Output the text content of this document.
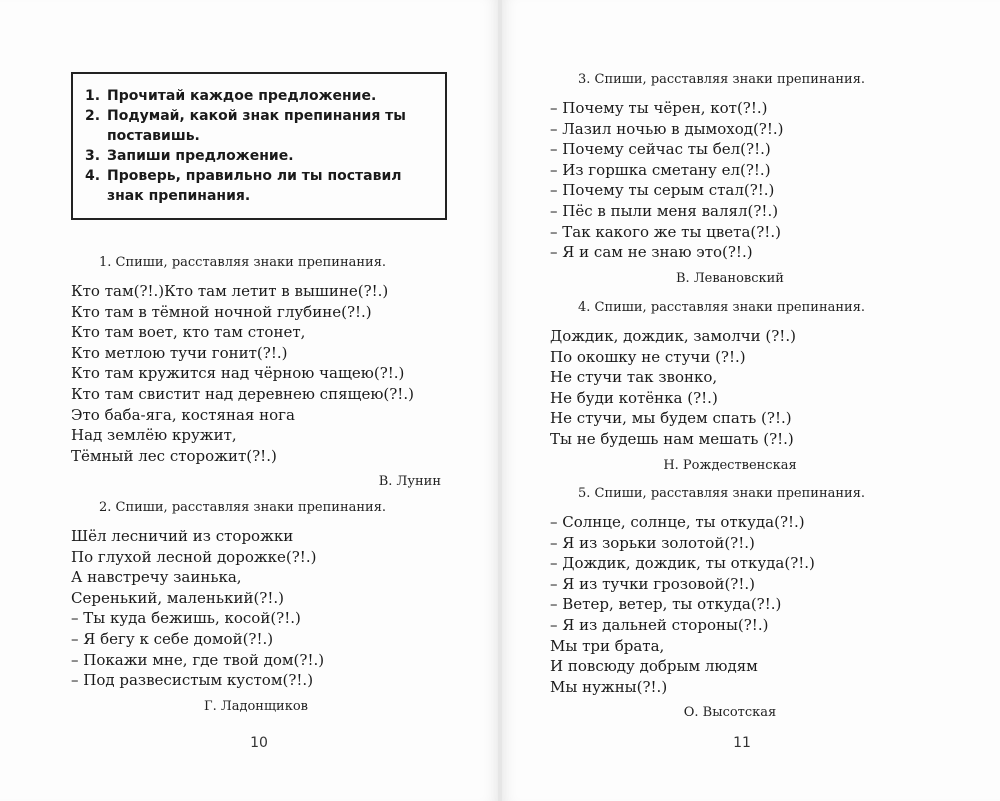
1. Прочитай каждое предложение.
2. Подумай, какой знак препинания ты поставишь.
3. Запиши предложение.
4. Проверь, правильно ли ты поставил знак препинания.
1. Спиши, расставляя знаки препинания.
Кто там(?!.)Кто там летит в вышине(?!.)
Кто там в тёмной ночной глубине(?!.)
Кто там воет, кто там стонет,
Кто метлою тучи гонит(?!.)
Кто там кружится над чёрною чащею(?!.)
Кто там свистит над деревнею спящею(?!.)
Это баба-яга, костяная нога
Над землёю кружит,
Тёмный лес сторожит(?!.)
В. Лунин
2. Спиши, расставляя знаки препинания.
Шёл лесничий из сторожки
По глухой лесной дорожке(?!.)
А навстречу заинька,
Серенький, маленький(?!.)
– Ты куда бежишь, косой(?!.)
– Я бегу к себе домой(?!.)
– Покажи мне, где твой дом(?!.)
– Под развесистым кустом(?!.)
Г. Ладонщиков
10
3. Спиши, расставляя знаки препинания.
– Почему ты чёрен, кот(?!.)
– Лазил ночью в дымоход(?!.)
– Почему сейчас ты бел(?!.)
– Из горшка сметану ел(?!.)
– Почему ты серым стал(?!.)
– Пёс в пыли меня валял(?!.)
– Так какого же ты цвета(?!.)
– Я и сам не знаю это(?!.)
В. Левановский
4. Спиши, расставляя знаки препинания.
Дождик, дождик, замолчи (?!.)
По окошку не стучи (?!.)
Не стучи так звонко,
Не буди котёнка (?!.)
Не стучи, мы будем спать (?!.)
Ты не будешь нам мешать (?!.)
Н. Рождественская
5. Спиши, расставляя знаки препинания.
– Солнце, солнце, ты откуда(?!.)
– Я из зорьки золотой(?!.)
– Дождик, дождик, ты откуда(?!.)
– Я из тучки грозовой(?!.)
– Ветер, ветер, ты откуда(?!.)
– Я из дальней стороны(?!.)
Мы три брата,
И повсюду добрым людям
Мы нужны(?!.)
О. Высотская
11
